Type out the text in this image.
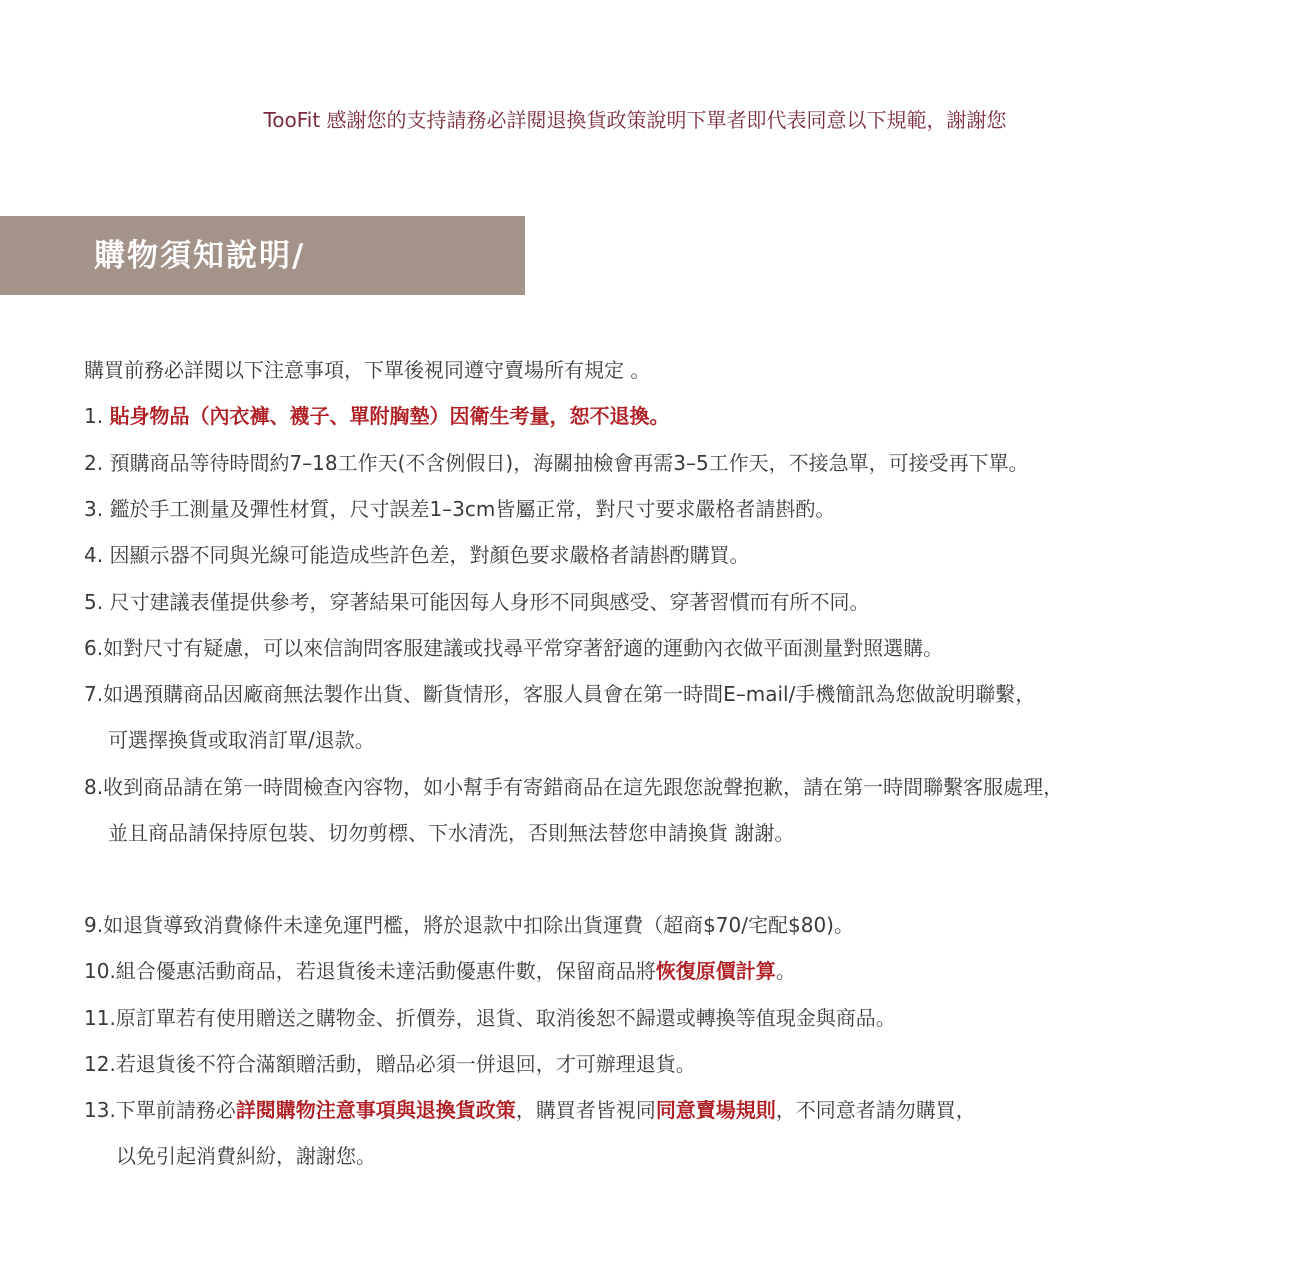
TooFit 感謝您的支持請務必詳閱退換貨政策說明下單者即代表同意以下規範，謝謝您
購物須知說明/
購買前務必詳閱以下注意事項，下單後視同遵守賣場所有規定 。
1. 貼身物品（內衣褲、襪子、單附胸墊）因衛生考量，恕不退換。
2. 預購商品等待時間約7–18工作天(不含例假日)，海關抽檢會再需3–5工作天，不接急單，可接受再下單。
3. 鑑於手工測量及彈性材質，尺寸誤差1–3cm皆屬正常，對尺寸要求嚴格者請斟酌。
4. 因顯示器不同與光線可能造成些許色差，對顏色要求嚴格者請斟酌購買。
5. 尺寸建議表僅提供參考，穿著結果可能因每人身形不同與感受、穿著習慣而有所不同。
6.如對尺寸有疑慮，可以來信詢問客服建議或找尋平常穿著舒適的運動內衣做平面測量對照選購。
7.如遇預購商品因廠商無法製作出貨、斷貨情形，客服人員會在第一時間E–mail/手機簡訊為您做說明聯繫，
可選擇換貨或取消訂單/退款。
8.收到商品請在第一時間檢查內容物，如小幫手有寄錯商品在這先跟您說聲抱歉，請在第一時間聯繫客服處理，
並且商品請保持原包裝、切勿剪標、下水清洗，否則無法替您申請換貨 謝謝。
9.如退貨導致消費條件未達免運門檻，將於退款中扣除出貨運費（超商$70/宅配$80)。
10.組合優惠活動商品，若退貨後未達活動優惠件數，保留商品將恢復原價計算。
11.原訂單若有使用贈送之購物金、折價券，退貨、取消後恕不歸還或轉換等值現金與商品。
12.若退貨後不符合滿額贈活動，贈品必須一併退回，才可辦理退貨。
13.下單前請務必詳閱購物注意事項與退換貨政策，購買者皆視同同意賣場規則，不同意者請勿購買，
以免引起消費糾紛，謝謝您。
